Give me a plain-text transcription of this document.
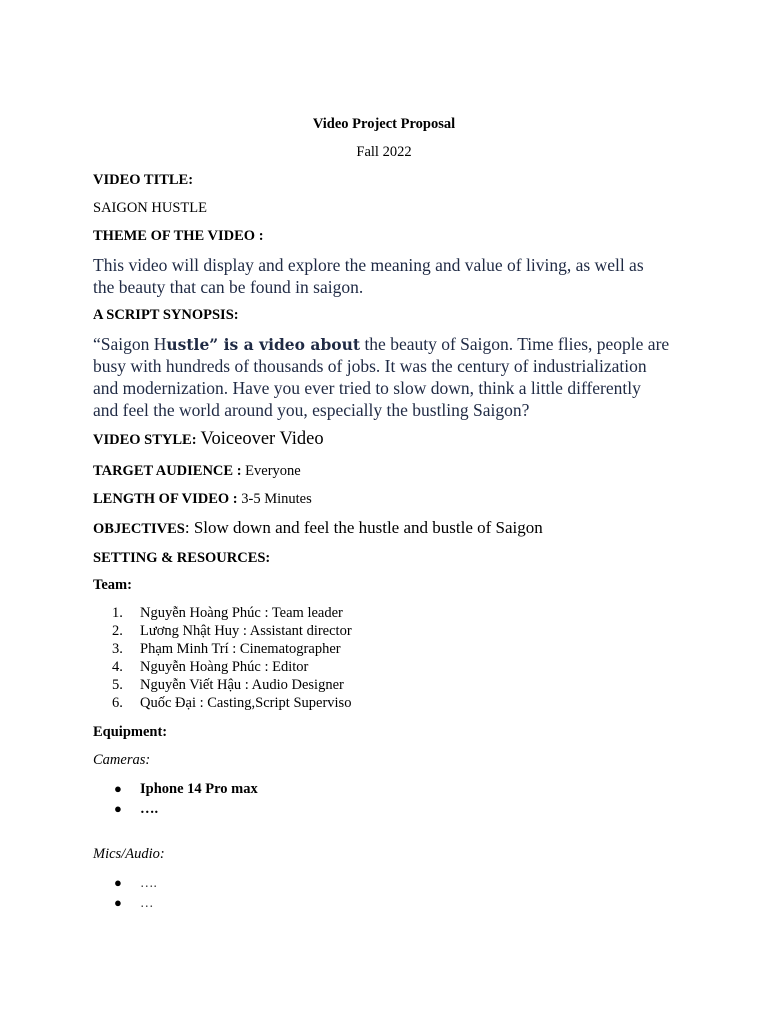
Video Project Proposal
Fall 2022
VIDEO TITLE:
SAIGON HUSTLE
THEME OF THE VIDEO :
This video will display and explore the meaning and value of living, as well as
the beauty that can be found in saigon.
A SCRIPT SYNOPSIS:
“Saigon Hustle” is a video about the beauty of Saigon. Time flies, people are
busy with hundreds of thousands of jobs. It was the century of industrialization
and modernization. Have you ever tried to slow down, think a little differently
and feel the world around you, especially the bustling Saigon?
VIDEO STYLE: Voiceover Video
TARGET AUDIENCE : Everyone
LENGTH OF VIDEO : 3-5 Minutes
OBJECTIVES: Slow down and feel the hustle and bustle of Saigon
SETTING & RESOURCES:
Team:
1.	Nguyễn Hoàng Phúc : Team leader
2.	Lương Nhật Huy : Assistant director
3.	Phạm Minh Trí : Cinematographer
4.	Nguyễn Hoàng Phúc : Editor
5.	Nguyễn Viết Hậu : Audio Designer
6.	Quốc Đại : Casting,Script Superviso
Equipment:
Cameras:
●	Iphone 14 Pro max
●	….
Mics/Audio:
●	….
●	…
